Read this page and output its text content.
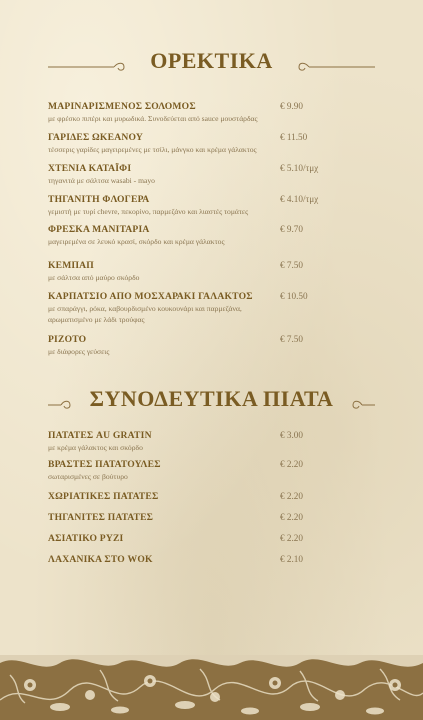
ΟΡΕΚΤΙΚΑ
ΜΑΡΙΝΑΡΙΣΜΕΝΟΣ ΣΟΛΟΜΟΣ
με φρέσκο πιπέρι και μυρωδικά. Συνοδεύεται από sauce μουστάρδας
€ 9.90
ΓΑΡΙΔΕΣ ΩΚΕΑΝΟΥ
τέσσερις γαρίδες μαγειρεμένες με τσίλι, μάνγκο και κρέμα γάλακτος
€ 11.50
ΧΤΕΝΙΑ ΚΑΤΑΪΦΙ
τηγανιτά με σάλτσα wasabi - mayo
€ 5.10/τμχ
ΤΗΓΑΝΙΤΗ ΦΛΟΓΕΡΑ
γεμιστή με τυρί chevre, πεκορίνο, παρμεζάνο και λιαστές τομάτες
€ 4.10/τμχ
ΦΡΕΣΚΑ ΜΑΝΙΤΑΡΙΑ
μαγειρεμένα σε λευκό κρασί, σκόρδο και κρέμα γάλακτος
€ 9.70
ΚΕΜΠΑΠ
με σάλτσα από μαύρο σκόρδο
€ 7.50
ΚΑΡΠΑΤΣΙΟ ΑΠΟ ΜΟΣΧΑΡΑΚΙ ΓΑΛΑΚΤΟΣ
με σπαράγγι, ρόκα, καβουρδισμένο κουκουνάρι και παρμεζάνα, αρωματισμένο με λάδι τρούφας
€ 10.50
ΡΙΖΟΤΟ
με διάφορες γεύσεις
€ 7.50
ΣΥΝΟΔΕΥΤΙΚΑ ΠΙΑΤΑ
ΠΑΤΑΤΕΣ AU GRATIN
με κρέμα γάλακτος και σκόρδο
€ 3.00
ΒΡΑΣΤΕΣ ΠΑΤΑΤΟΥΛΕΣ
σωταρισμένες σε βούτυρο
€ 2.20
ΧΩΡΙΑΤΙΚΕΣ ΠΑΤΑΤΕΣ	€ 2.20
ΤΗΓΑΝΙΤΕΣ ΠΑΤΑΤΕΣ	€ 2.20
ΑΣΙΑΤΙΚΟ ΡΥΖΙ	€ 2.20
ΛΑΧΑΝΙΚΑ ΣΤΟ WOK	€ 2.10
